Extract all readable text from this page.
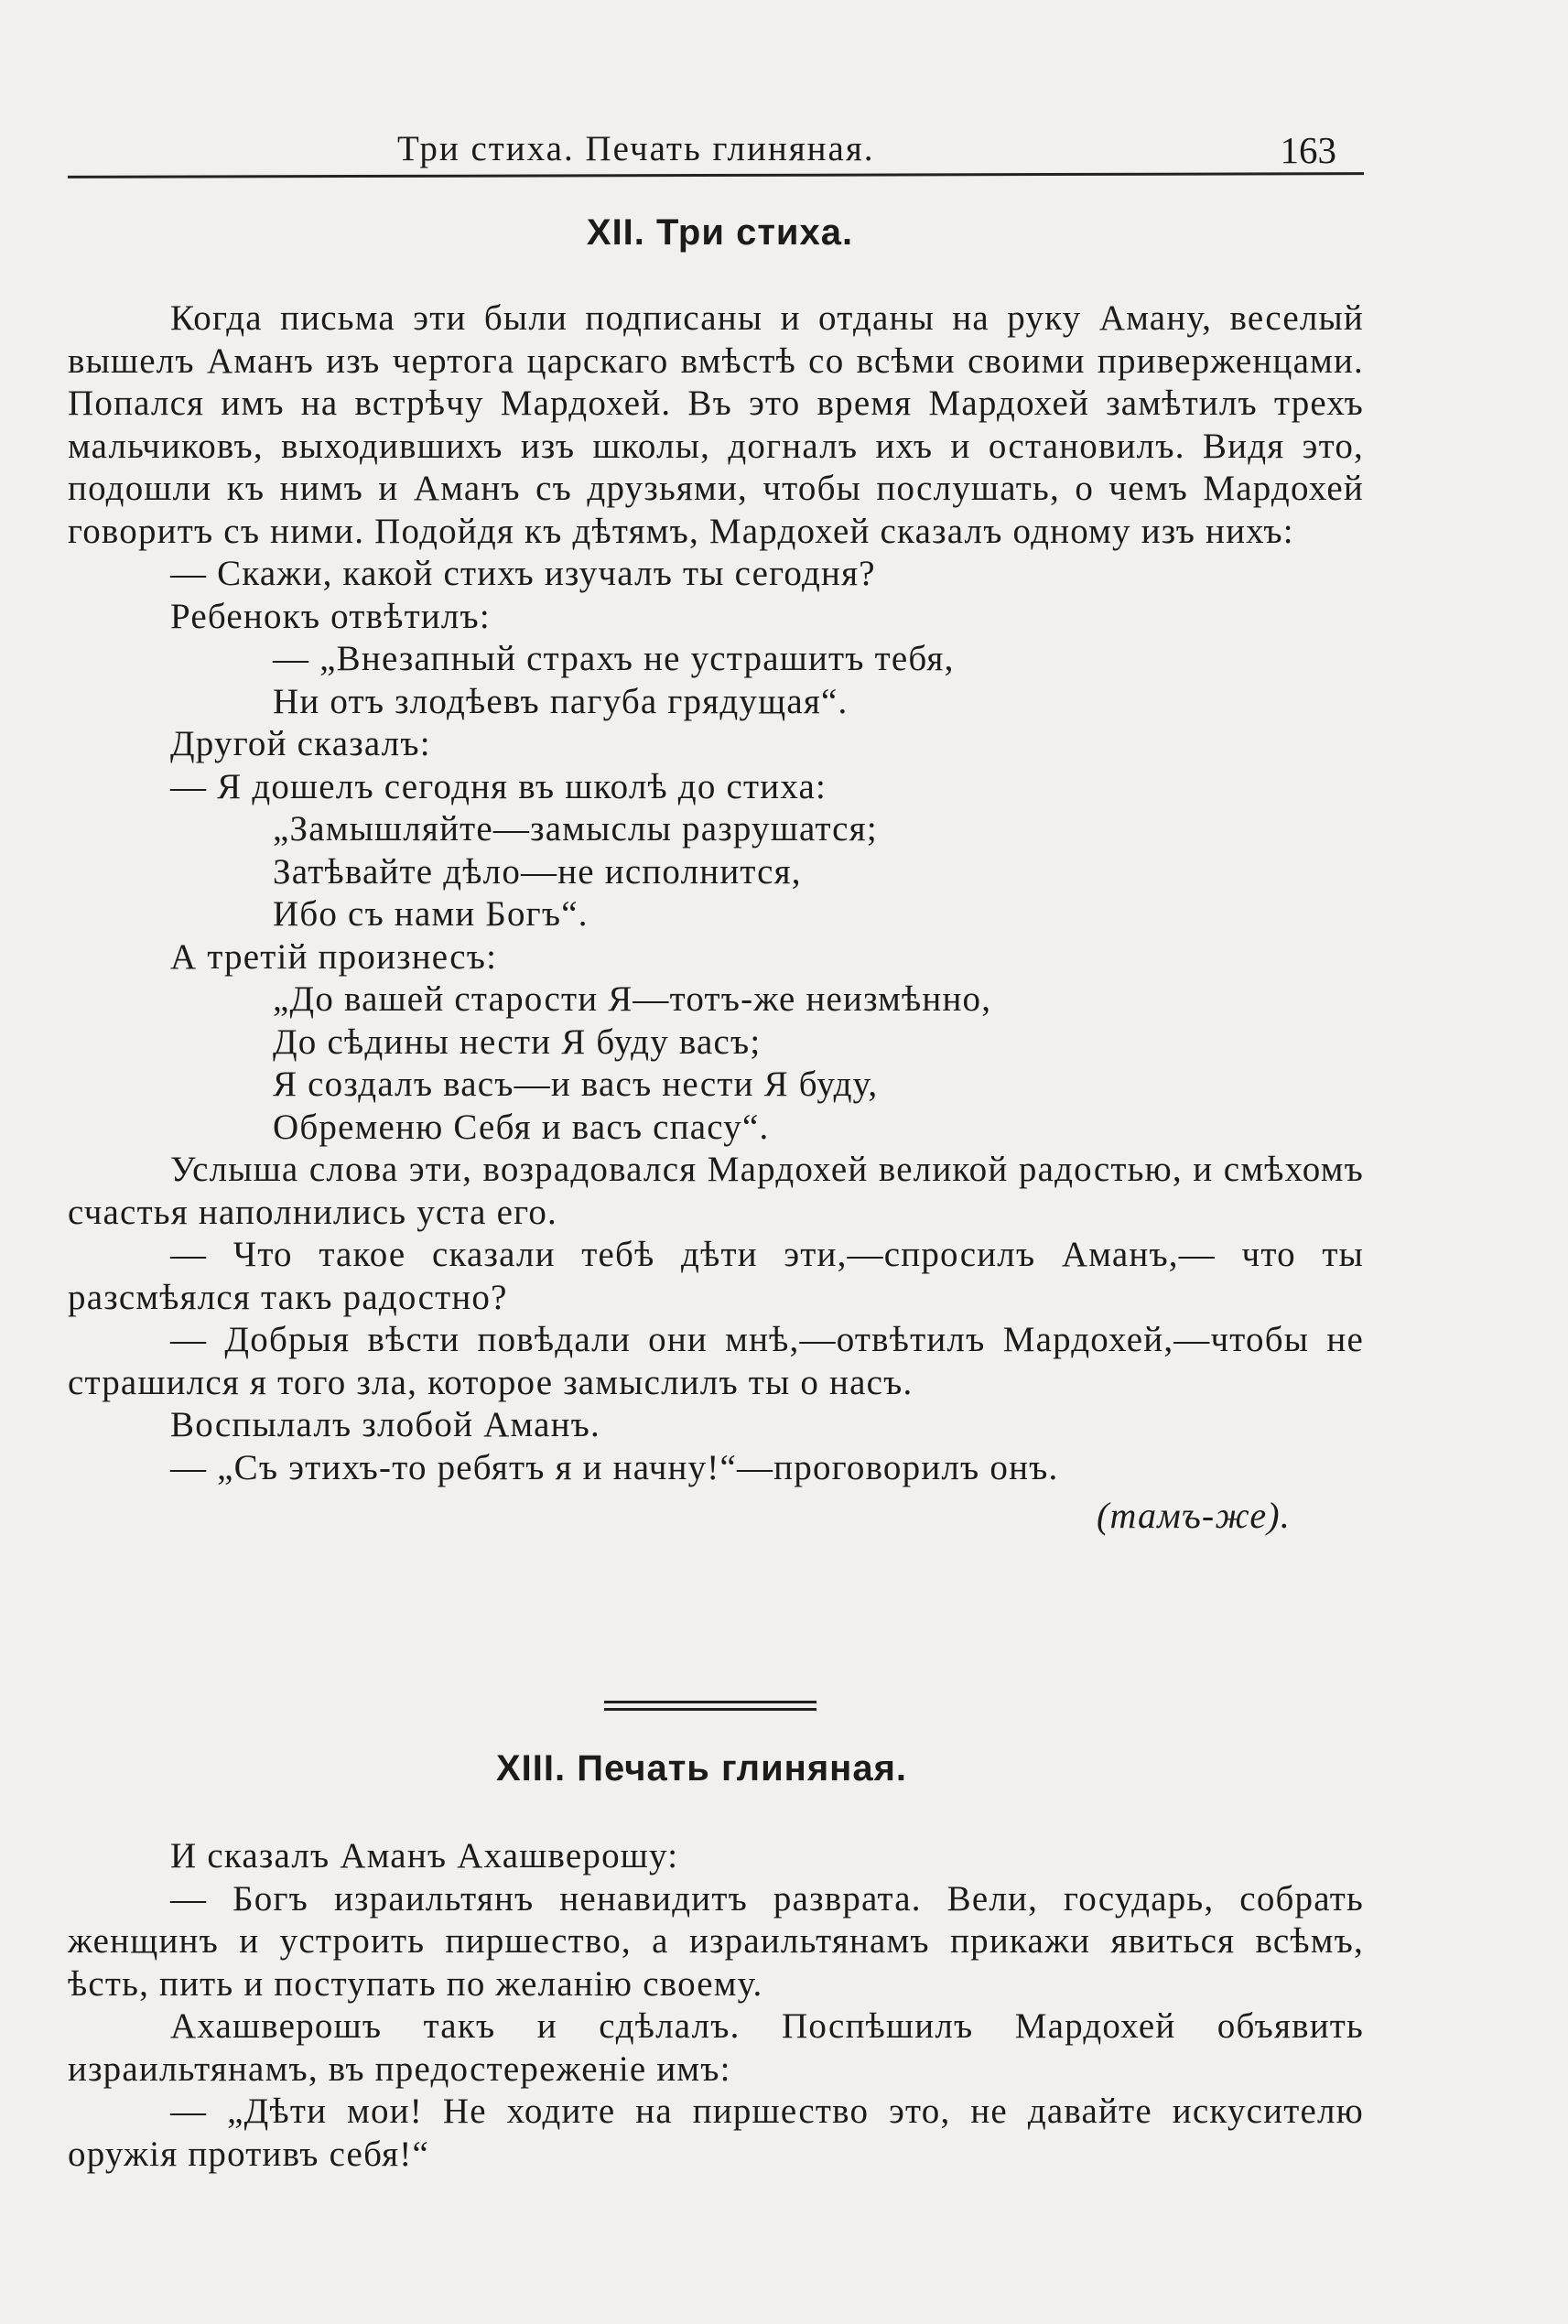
Три стиха. Печать глиняная.	163
XII. Три стиха.

Когда письма эти были подписаны и отданы на руку Аману, веселый вышелъ Аманъ изъ чертога царскаго вмѣстѣ со всѣми своими приверженцами. Попался имъ на встрѣчу Мардохей. Въ это время Мардохей замѣтилъ трехъ мальчиковъ, выходившихъ изъ школы, догналъ ихъ и остановилъ. Видя это, подошли къ нимъ и Аманъ съ друзьями, чтобы послушать, о чемъ Мардохей говоритъ съ ними. Подойдя къ дѣтямъ, Мардохей сказалъ одному изъ нихъ:

— Скажи, какой стихъ изучалъ ты сегодня?

Ребенокъ отвѣтилъ:

— „Внезапный страхъ не устрашитъ тебя,

Ни отъ злодѣевъ пагуба грядущая“.

Другой сказалъ:

— Я дошелъ сегодня въ школѣ до стиха:

„Замышляйте—замыслы разрушатся;

Затѣвайте дѣло—не исполнится,

Ибо съ нами Богъ“.

А третій произнесъ:

„До вашей старости Я—тотъ-же неизмѣнно,

До сѣдины нести Я буду васъ;

Я создалъ васъ—и васъ нести Я буду,

Обремeню Себя и васъ спасу“.

Услыша слова эти, возрадовался Мардохей великой радостью, и смѣхомъ счастья наполнились уста его.

— Что такое сказали тебѣ дѣти эти,—спросилъ Аманъ,— что ты разсмѣялся такъ радостно?

— Добрыя вѣсти повѣдали они мнѣ,—отвѣтилъ Мардохей,—чтобы не страшился я того зла, которое замыслилъ ты о насъ.

Воспылалъ злобой Аманъ.

— „Съ этихъ-то ребятъ я и начну!“—проговорилъ онъ.

(тамъ-же).

XIII. Печать глиняная.

И сказалъ Аманъ Ахашверошу:

— Богъ израильтянъ ненавидитъ разврата. Вели, государь, собрать женщинъ и устроить пиршество, а израильтянамъ прикажи явиться всѣмъ, ѣсть, пить и поступать по желанію своему.

Ахашверошъ такъ и сдѣлалъ. Поспѣшилъ Мардохей объявить израильтянамъ, въ предостереженіе имъ:

— „Дѣти мои! Не ходите на пиршество это, не давайте искусителю оружія противъ себя!“
